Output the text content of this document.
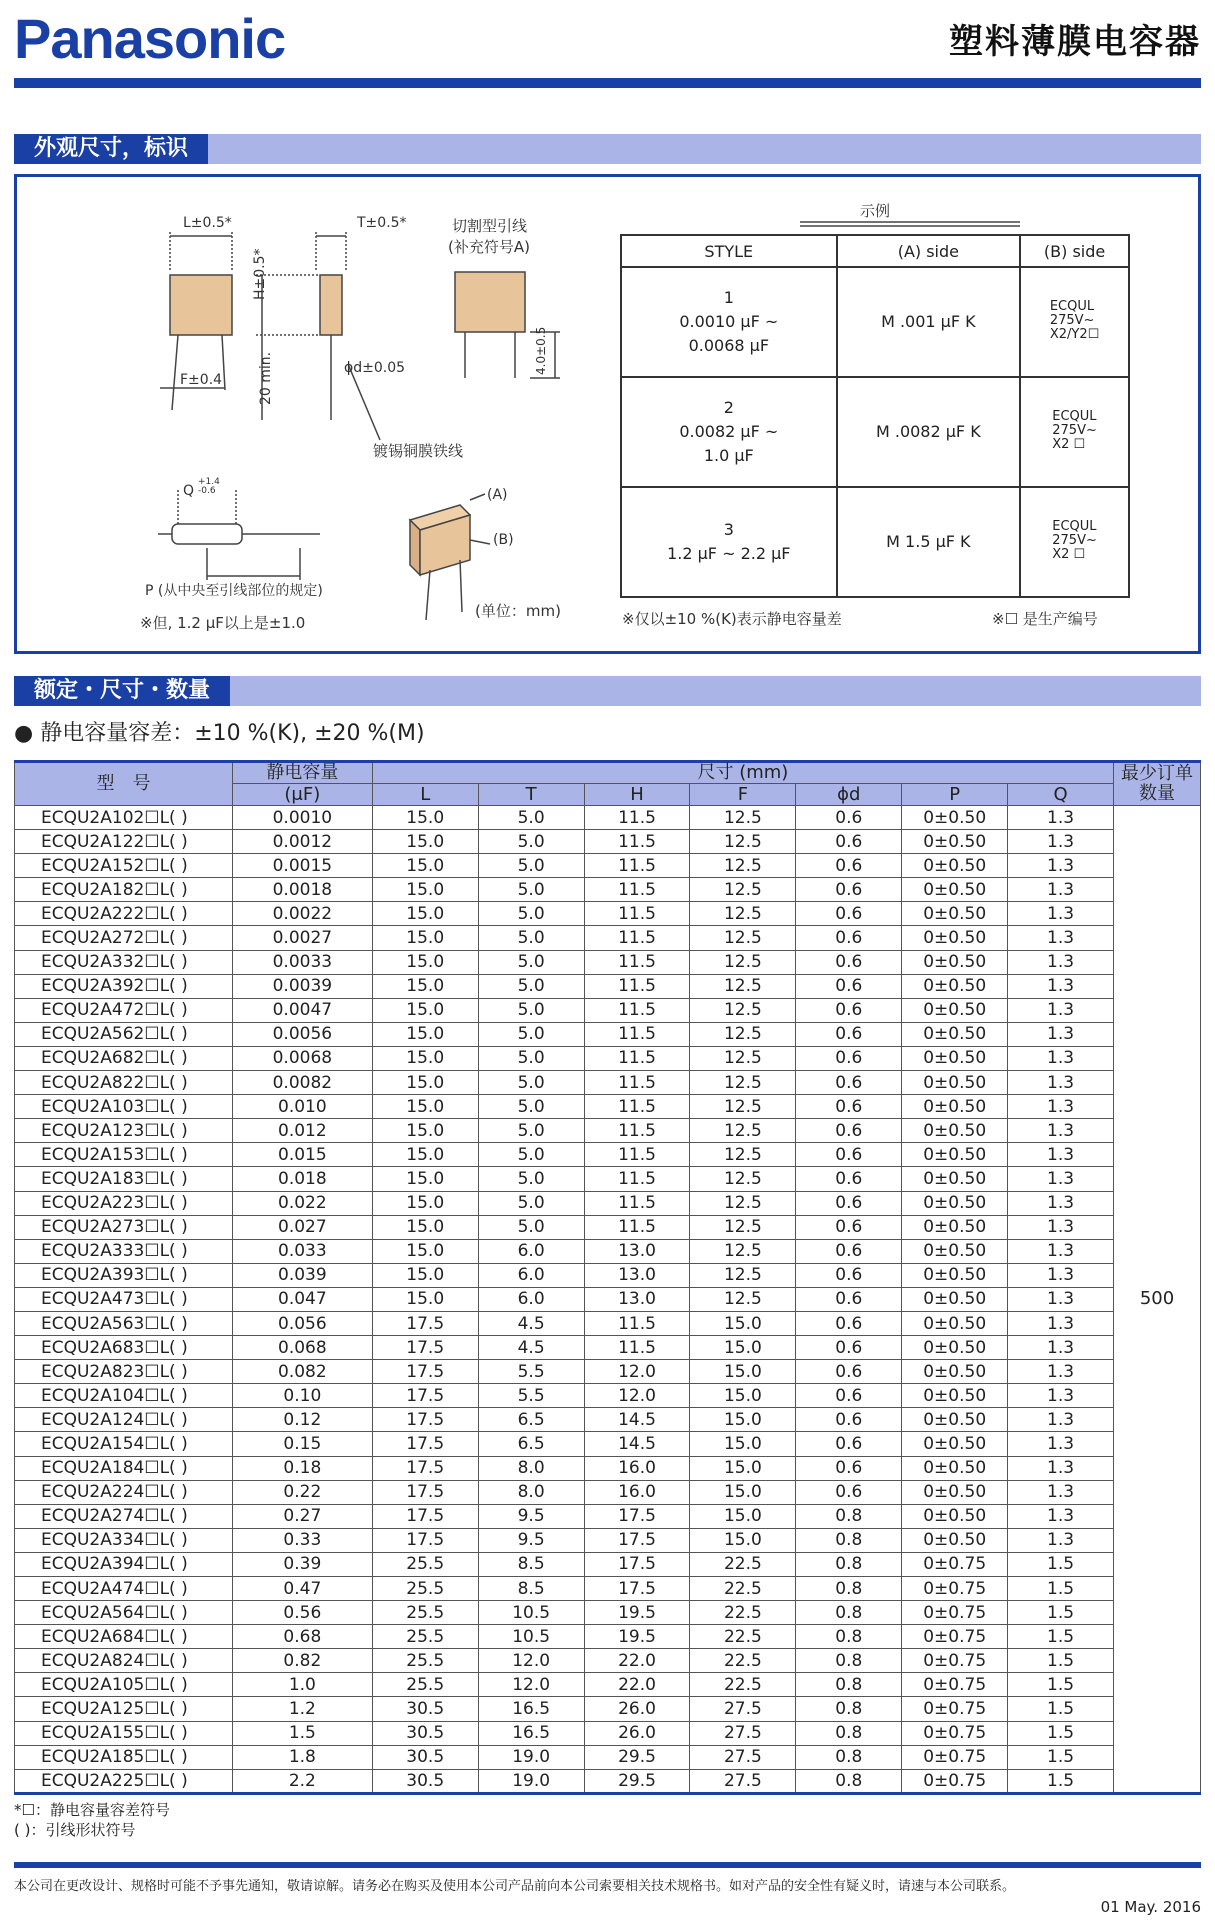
Panasonic	塑料薄膜电容器
外观尺寸，标识
L±0.5*	T±0.5*	切割型引线
(补充符号A)
H±0.5*
F±0.4	20 min.	ϕd±0.05	4.0±0.5
镀锡铜膜铁线
Q
+1.4 -0.6
P (从中央至引线部位的规定)
(A)
(B)
(单位：mm)
※但, 1.2 μF以上是±1.0
示例
STYLE	(A) side	(B) side
1
0.0010 μF ~
0.0068 μF	M .001 μF K	ECQUL
275V~
X2/Y2☐
2
0.0082 μF ~
1.0 μF	M .0082 μF K	ECQUL
275V~
X2 ☐
3
1.2 μF ~ 2.2 μF	M 1.5 μF K	ECQUL
275V~
X2 ☐
※仅以±10 %(K)表示静电容量差	※☐ 是生产编号
额定・尺寸・数量
● 静电容量容差：±10 %(K), ±20 %(M)
型　号	静电容量	尺寸 (mm)							最少订单数量
	(μF)	L	T	H	F	ϕd	P	Q	
ECQU2A102☐L( )	0.0010	15.0	5.0	11.5	12.5	0.6	0±0.50	1.3	500
ECQU2A122☐L( )	0.0012	15.0	5.0	11.5	12.5	0.6	0±0.50	1.3	
ECQU2A152☐L( )	0.0015	15.0	5.0	11.5	12.5	0.6	0±0.50	1.3	
ECQU2A182☐L( )	0.0018	15.0	5.0	11.5	12.5	0.6	0±0.50	1.3	
ECQU2A222☐L( )	0.0022	15.0	5.0	11.5	12.5	0.6	0±0.50	1.3	
ECQU2A272☐L( )	0.0027	15.0	5.0	11.5	12.5	0.6	0±0.50	1.3	
ECQU2A332☐L( )	0.0033	15.0	5.0	11.5	12.5	0.6	0±0.50	1.3	
ECQU2A392☐L( )	0.0039	15.0	5.0	11.5	12.5	0.6	0±0.50	1.3	
ECQU2A472☐L( )	0.0047	15.0	5.0	11.5	12.5	0.6	0±0.50	1.3	
ECQU2A562☐L( )	0.0056	15.0	5.0	11.5	12.5	0.6	0±0.50	1.3	
ECQU2A682☐L( )	0.0068	15.0	5.0	11.5	12.5	0.6	0±0.50	1.3	
ECQU2A822☐L( )	0.0082	15.0	5.0	11.5	12.5	0.6	0±0.50	1.3	
ECQU2A103☐L( )	0.010	15.0	5.0	11.5	12.5	0.6	0±0.50	1.3	
ECQU2A123☐L( )	0.012	15.0	5.0	11.5	12.5	0.6	0±0.50	1.3	
ECQU2A153☐L( )	0.015	15.0	5.0	11.5	12.5	0.6	0±0.50	1.3	
ECQU2A183☐L( )	0.018	15.0	5.0	11.5	12.5	0.6	0±0.50	1.3	
ECQU2A223☐L( )	0.022	15.0	5.0	11.5	12.5	0.6	0±0.50	1.3	
ECQU2A273☐L( )	0.027	15.0	5.0	11.5	12.5	0.6	0±0.50	1.3	
ECQU2A333☐L( )	0.033	15.0	6.0	13.0	12.5	0.6	0±0.50	1.3	
ECQU2A393☐L( )	0.039	15.0	6.0	13.0	12.5	0.6	0±0.50	1.3	
ECQU2A473☐L( )	0.047	15.0	6.0	13.0	12.5	0.6	0±0.50	1.3	
ECQU2A563☐L( )	0.056	17.5	4.5	11.5	15.0	0.6	0±0.50	1.3	
ECQU2A683☐L( )	0.068	17.5	4.5	11.5	15.0	0.6	0±0.50	1.3	
ECQU2A823☐L( )	0.082	17.5	5.5	12.0	15.0	0.6	0±0.50	1.3	
ECQU2A104☐L( )	0.10	17.5	5.5	12.0	15.0	0.6	0±0.50	1.3	
ECQU2A124☐L( )	0.12	17.5	6.5	14.5	15.0	0.6	0±0.50	1.3	
ECQU2A154☐L( )	0.15	17.5	6.5	14.5	15.0	0.6	0±0.50	1.3	
ECQU2A184☐L( )	0.18	17.5	8.0	16.0	15.0	0.6	0±0.50	1.3	
ECQU2A224☐L( )	0.22	17.5	8.0	16.0	15.0	0.6	0±0.50	1.3	
ECQU2A274☐L( )	0.27	17.5	9.5	17.5	15.0	0.8	0±0.50	1.3	
ECQU2A334☐L( )	0.33	17.5	9.5	17.5	15.0	0.8	0±0.50	1.3	
ECQU2A394☐L( )	0.39	25.5	8.5	17.5	22.5	0.8	0±0.75	1.5	
ECQU2A474☐L( )	0.47	25.5	8.5	17.5	22.5	0.8	0±0.75	1.5	
ECQU2A564☐L( )	0.56	25.5	10.5	19.5	22.5	0.8	0±0.75	1.5	
ECQU2A684☐L( )	0.68	25.5	10.5	19.5	22.5	0.8	0±0.75	1.5	
ECQU2A824☐L( )	0.82	25.5	12.0	22.0	22.5	0.8	0±0.75	1.5	
ECQU2A105☐L( )	1.0	25.5	12.0	22.0	22.5	0.8	0±0.75	1.5	
ECQU2A125☐L( )	1.2	30.5	16.5	26.0	27.5	0.8	0±0.75	1.5	
ECQU2A155☐L( )	1.5	30.5	16.5	26.0	27.5	0.8	0±0.75	1.5	
ECQU2A185☐L( )	1.8	30.5	19.0	29.5	27.5	0.8	0±0.75	1.5	
ECQU2A225☐L( )	2.2	30.5	19.0	29.5	27.5	0.8	0±0.75	1.5	
*☐：静电容量容差符号
( )：引线形状符号
本公司在更改设计、规格时可能不予事先通知，敬请谅解。请务必在购买及使用本公司产品前向本公司索要相关技术规格书。如对产品的安全性有疑义时，请速与本公司联系。
01 May. 2016
